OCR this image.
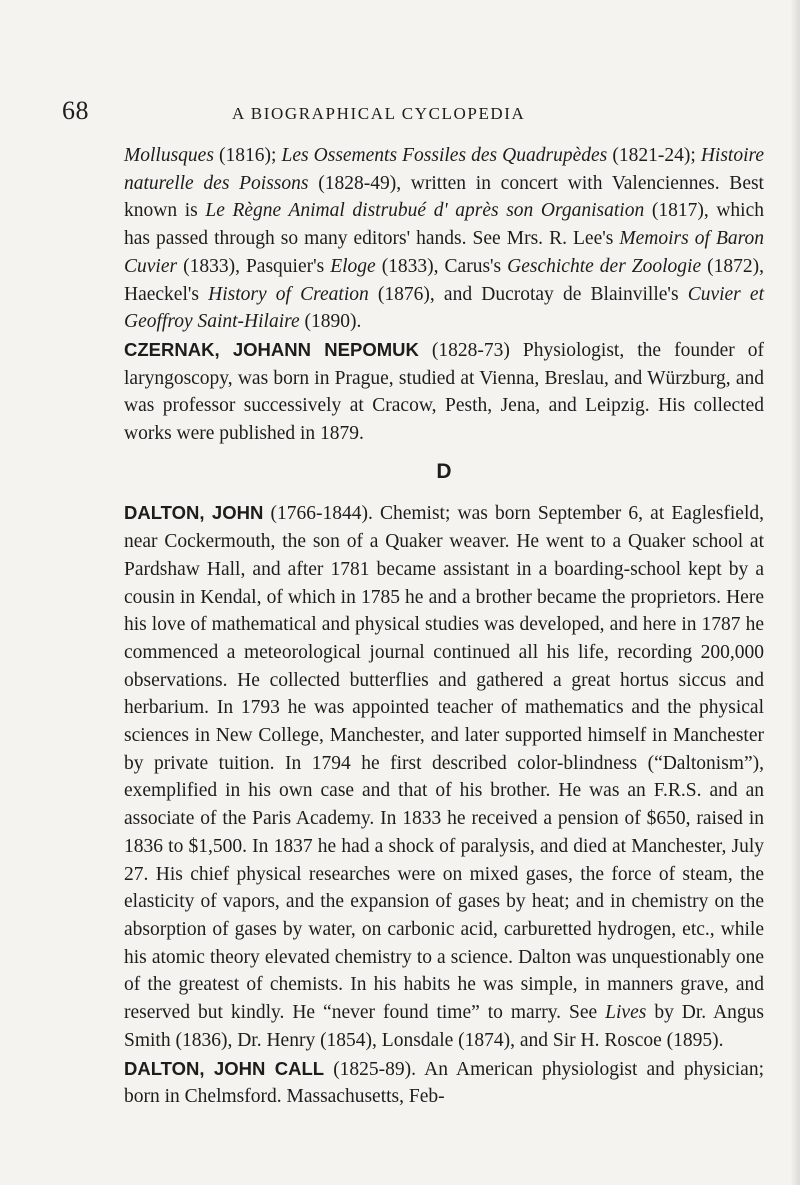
68	A BIOGRAPHICAL CYCLOPEDIA

Mollusques (1816); Les Ossements Fossiles des Quadrupèdes (1821-24); Histoire naturelle des Poissons (1828-49), written in concert with Valenciennes. Best known is Le Règne Animal distrubué d' après son Organisation (1817), which has passed through so many editors' hands. See Mrs. R. Lee's Memoirs of Baron Cuvier (1833), Pasquier's Eloge (1833), Carus's Geschichte der Zoologie (1872), Haeckel's History of Creation (1876), and Ducrotay de Blainville's Cuvier et Geoffroy Saint-Hilaire (1890).

CZERNAK, JOHANN NEPOMUK (1828-73) Physiologist, the founder of laryngoscopy, was born in Prague, studied at Vienna, Breslau, and Würzburg, and was professor successively at Cracow, Pesth, Jena, and Leipzig. His collected works were published in 1879.

D

DALTON, JOHN (1766-1844). Chemist; was born September 6, at Eaglesfield, near Cockermouth, the son of a Quaker weaver. He went to a Quaker school at Pardshaw Hall, and after 1781 became assistant in a boarding-school kept by a cousin in Kendal, of which in 1785 he and a brother became the proprietors. Here his love of mathematical and physical studies was developed, and here in 1787 he commenced a meteorological journal continued all his life, recording 200,000 observations. He collected butterflies and gathered a great hortus siccus and herbarium. In 1793 he was appointed teacher of mathematics and the physical sciences in New College, Manchester, and later supported himself in Manchester by private tuition. In 1794 he first described color-blindness (“Daltonism”), exemplified in his own case and that of his brother. He was an F.R.S. and an associate of the Paris Academy. In 1833 he received a pension of $650, raised in 1836 to $1,500. In 1837 he had a shock of paralysis, and died at Manchester, July 27. His chief physical researches were on mixed gases, the force of steam, the elasticity of vapors, and the expansion of gases by heat; and in chemistry on the absorption of gases by water, on carbonic acid, carburetted hydrogen, etc., while his atomic theory elevated chemistry to a science. Dalton was unquestionably one of the greatest of chemists. In his habits he was simple, in manners grave, and reserved but kindly. He “never found time” to marry. See Lives by Dr. Angus Smith (1836), Dr. Henry (1854), Lonsdale (1874), and Sir H. Roscoe (1895).

DALTON, JOHN CALL (1825-89). An American physiologist and physician; born in Chelmsford. Massachusetts, Feb-
